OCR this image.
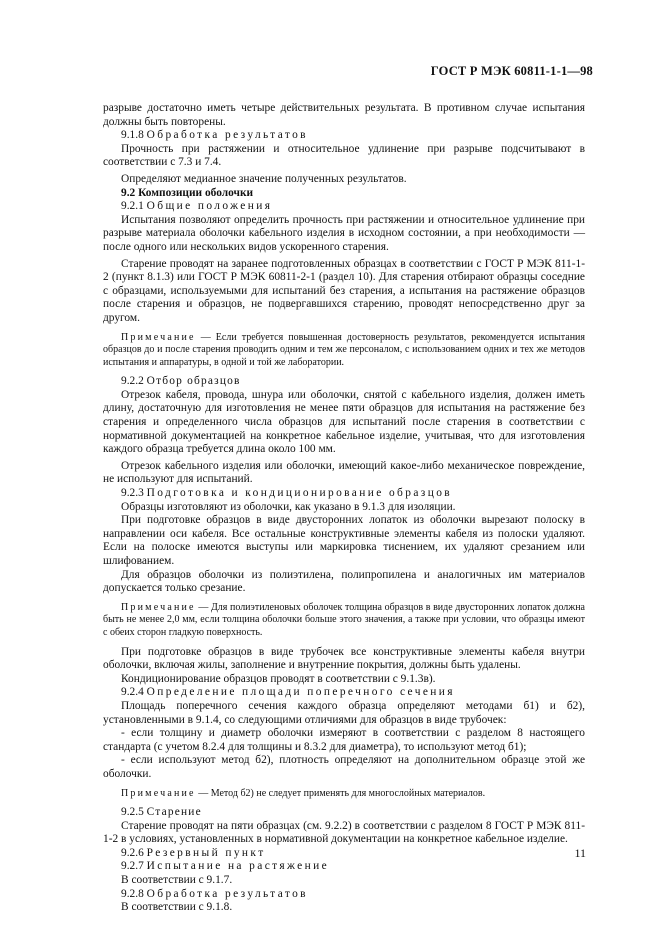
ГОСТ Р МЭК 60811-1-1—98

разрыве достаточно иметь четыре действительных результата. В противном случае испытания должны быть повторены.

9.1.8 Обработка результатов

Прочность при растяжении и относительное удлинение при разрыве подсчитывают в соответствии с 7.3 и 7.4.

Определяют медианное значение полученных результатов.

9.2 Композиции оболочки

9.2.1 Общие положения

Испытания позволяют определить прочность при растяжении и относительное удлинение при разрыве материала оболочки кабельного изделия в исходном состоянии, а при необходимости — после одного или нескольких видов ускоренного старения.

Старение проводят на заранее подготовленных образцах в соответствии с ГОСТ Р МЭК 811-1-2 (пункт 8.1.3) или ГОСТ Р МЭК 60811-2-1 (раздел 10). Для старения отбирают образцы соседние с образцами, используемыми для испытаний без старения, а испытания на растяжение образцов после старения и образцов, не подвергавшихся старению, проводят непосредственно друг за другом.

Примечание — Если требуется повышенная достоверность результатов, рекомендуется испытания образцов до и после старения проводить одним и тем же персоналом, с использованием одних и тех же методов испытания и аппаратуры, в одной и той же лаборатории.

9.2.2 Отбор образцов

Отрезок кабеля, провода, шнура или оболочки, снятой с кабельного изделия, должен иметь длину, достаточную для изготовления не менее пяти образцов для испытания на растяжение без старения и определенного числа образцов для испытаний после старения в соответствии с нормативной документацией на конкретное кабельное изделие, учитывая, что для изготовления каждого образца требуется длина около 100 мм.

Отрезок кабельного изделия или оболочки, имеющий какое-либо механическое повреждение, не используют для испытаний.

9.2.3 Подготовка и кондиционирование образцов

Образцы изготовляют из оболочки, как указано в 9.1.3 для изоляции.

При подготовке образцов в виде двусторонних лопаток из оболочки вырезают полоску в направлении оси кабеля. Все остальные конструктивные элементы кабеля из полоски удаляют. Если на полоске имеются выступы или маркировка тиснением, их удаляют срезанием или шлифованием.

Для образцов оболочки из полиэтилена, полипропилена и аналогичных им материалов допускается только срезание.

Примечание — Для полиэтиленовых оболочек толщина образцов в виде двусторонних лопаток должна быть не менее 2,0 мм, если толщина оболочки больше этого значения, а также при условии, что образцы имеют с обеих сторон гладкую поверхность.

При подготовке образцов в виде трубочек все конструктивные элементы кабеля внутри оболочки, включая жилы, заполнение и внутренние покрытия, должны быть удалены.

Кондиционирование образцов проводят в соответствии с 9.1.3в).

9.2.4 Определение площади поперечного сечения

Площадь поперечного сечения каждого образца определяют методами б1) и б2), установленными в 9.1.4, со следующими отличиями для образцов в виде трубочек:

- если толщину и диаметр оболочки измеряют в соответствии с разделом 8 настоящего стандарта (с учетом 8.2.4 для толщины и 8.3.2 для диаметра), то используют метод б1);

- если используют метод б2), плотность определяют на дополнительном образце этой же оболочки.

Примечание — Метод б2) не следует применять для многослойных материалов.

9.2.5 Старение

Старение проводят на пяти образцах (см. 9.2.2) в соответствии с разделом 8 ГОСТ Р МЭК 811-1-2 в условиях, установленных в нормативной документации на конкретное кабельное изделие.

9.2.6 Резервный пункт

9.2.7 Испытание на растяжение

В соответствии с 9.1.7.

9.2.8 Обработка результатов

В соответствии с 9.1.8.

11
